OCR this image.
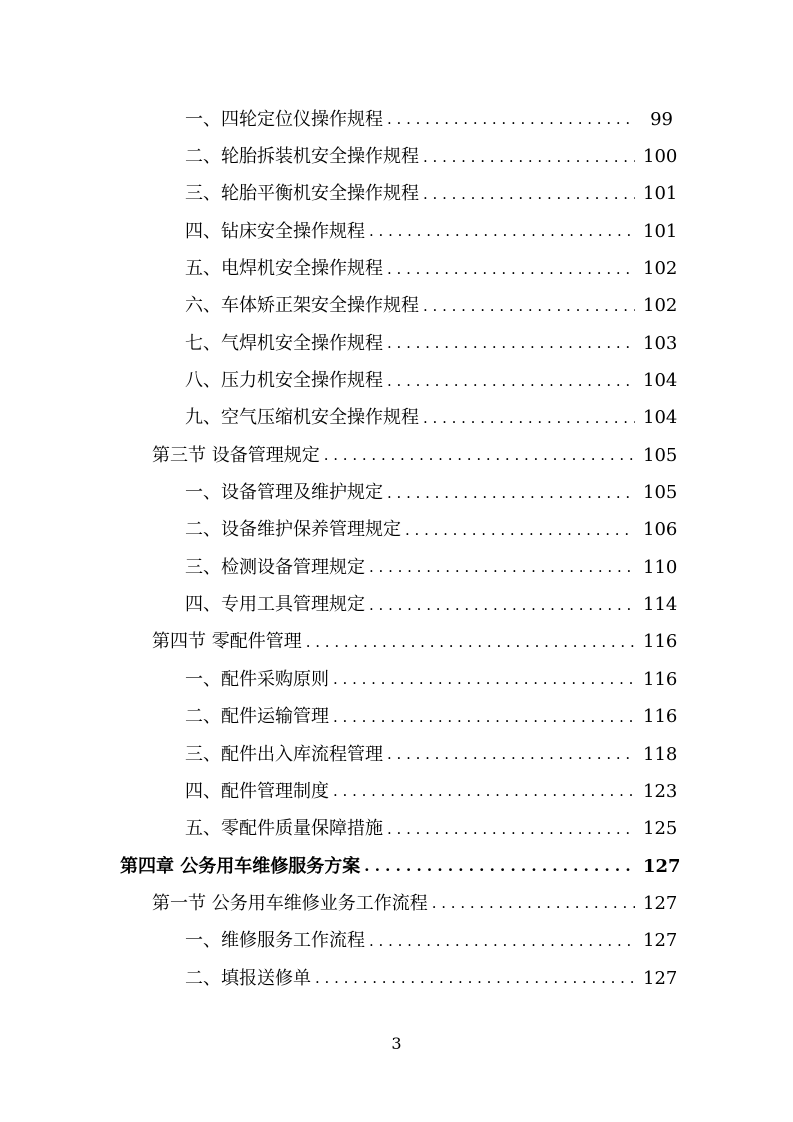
一、四轮定位仪操作规程 . . .	99
二、轮胎拆装机安全操作规程 . . .	100
三、轮胎平衡机安全操作规程 . . .	101
四、钻床安全操作规程 . . .	101
五、电焊机安全操作规程 . . .	102
六、车体矫正架安全操作规程 . . .	102
七、气焊机安全操作规程 . . .	103
八、压力机安全操作规程 . . .	104
九、空气压缩机安全操作规程 . . .	104
第三节 设备管理规定 . . .	105
一、设备管理及维护规定 . . .	105
二、设备维护保养管理规定 . . .	106
三、检测设备管理规定 . . .	110
四、专用工具管理规定 . . .	114
第四节 零配件管理 . . .	116
一、配件采购原则 . . .	116
二、配件运输管理 . . .	116
三、配件出入库流程管理 . . .	118
四、配件管理制度 . . .	123
五、零配件质量保障措施 . . .	125
第四章 公务用车维修服务方案 . . .	127
第一节 公务用车维修业务工作流程 . . .	127
一、维修服务工作流程 . . .	127
二、填报送修单 . . .	127
3
